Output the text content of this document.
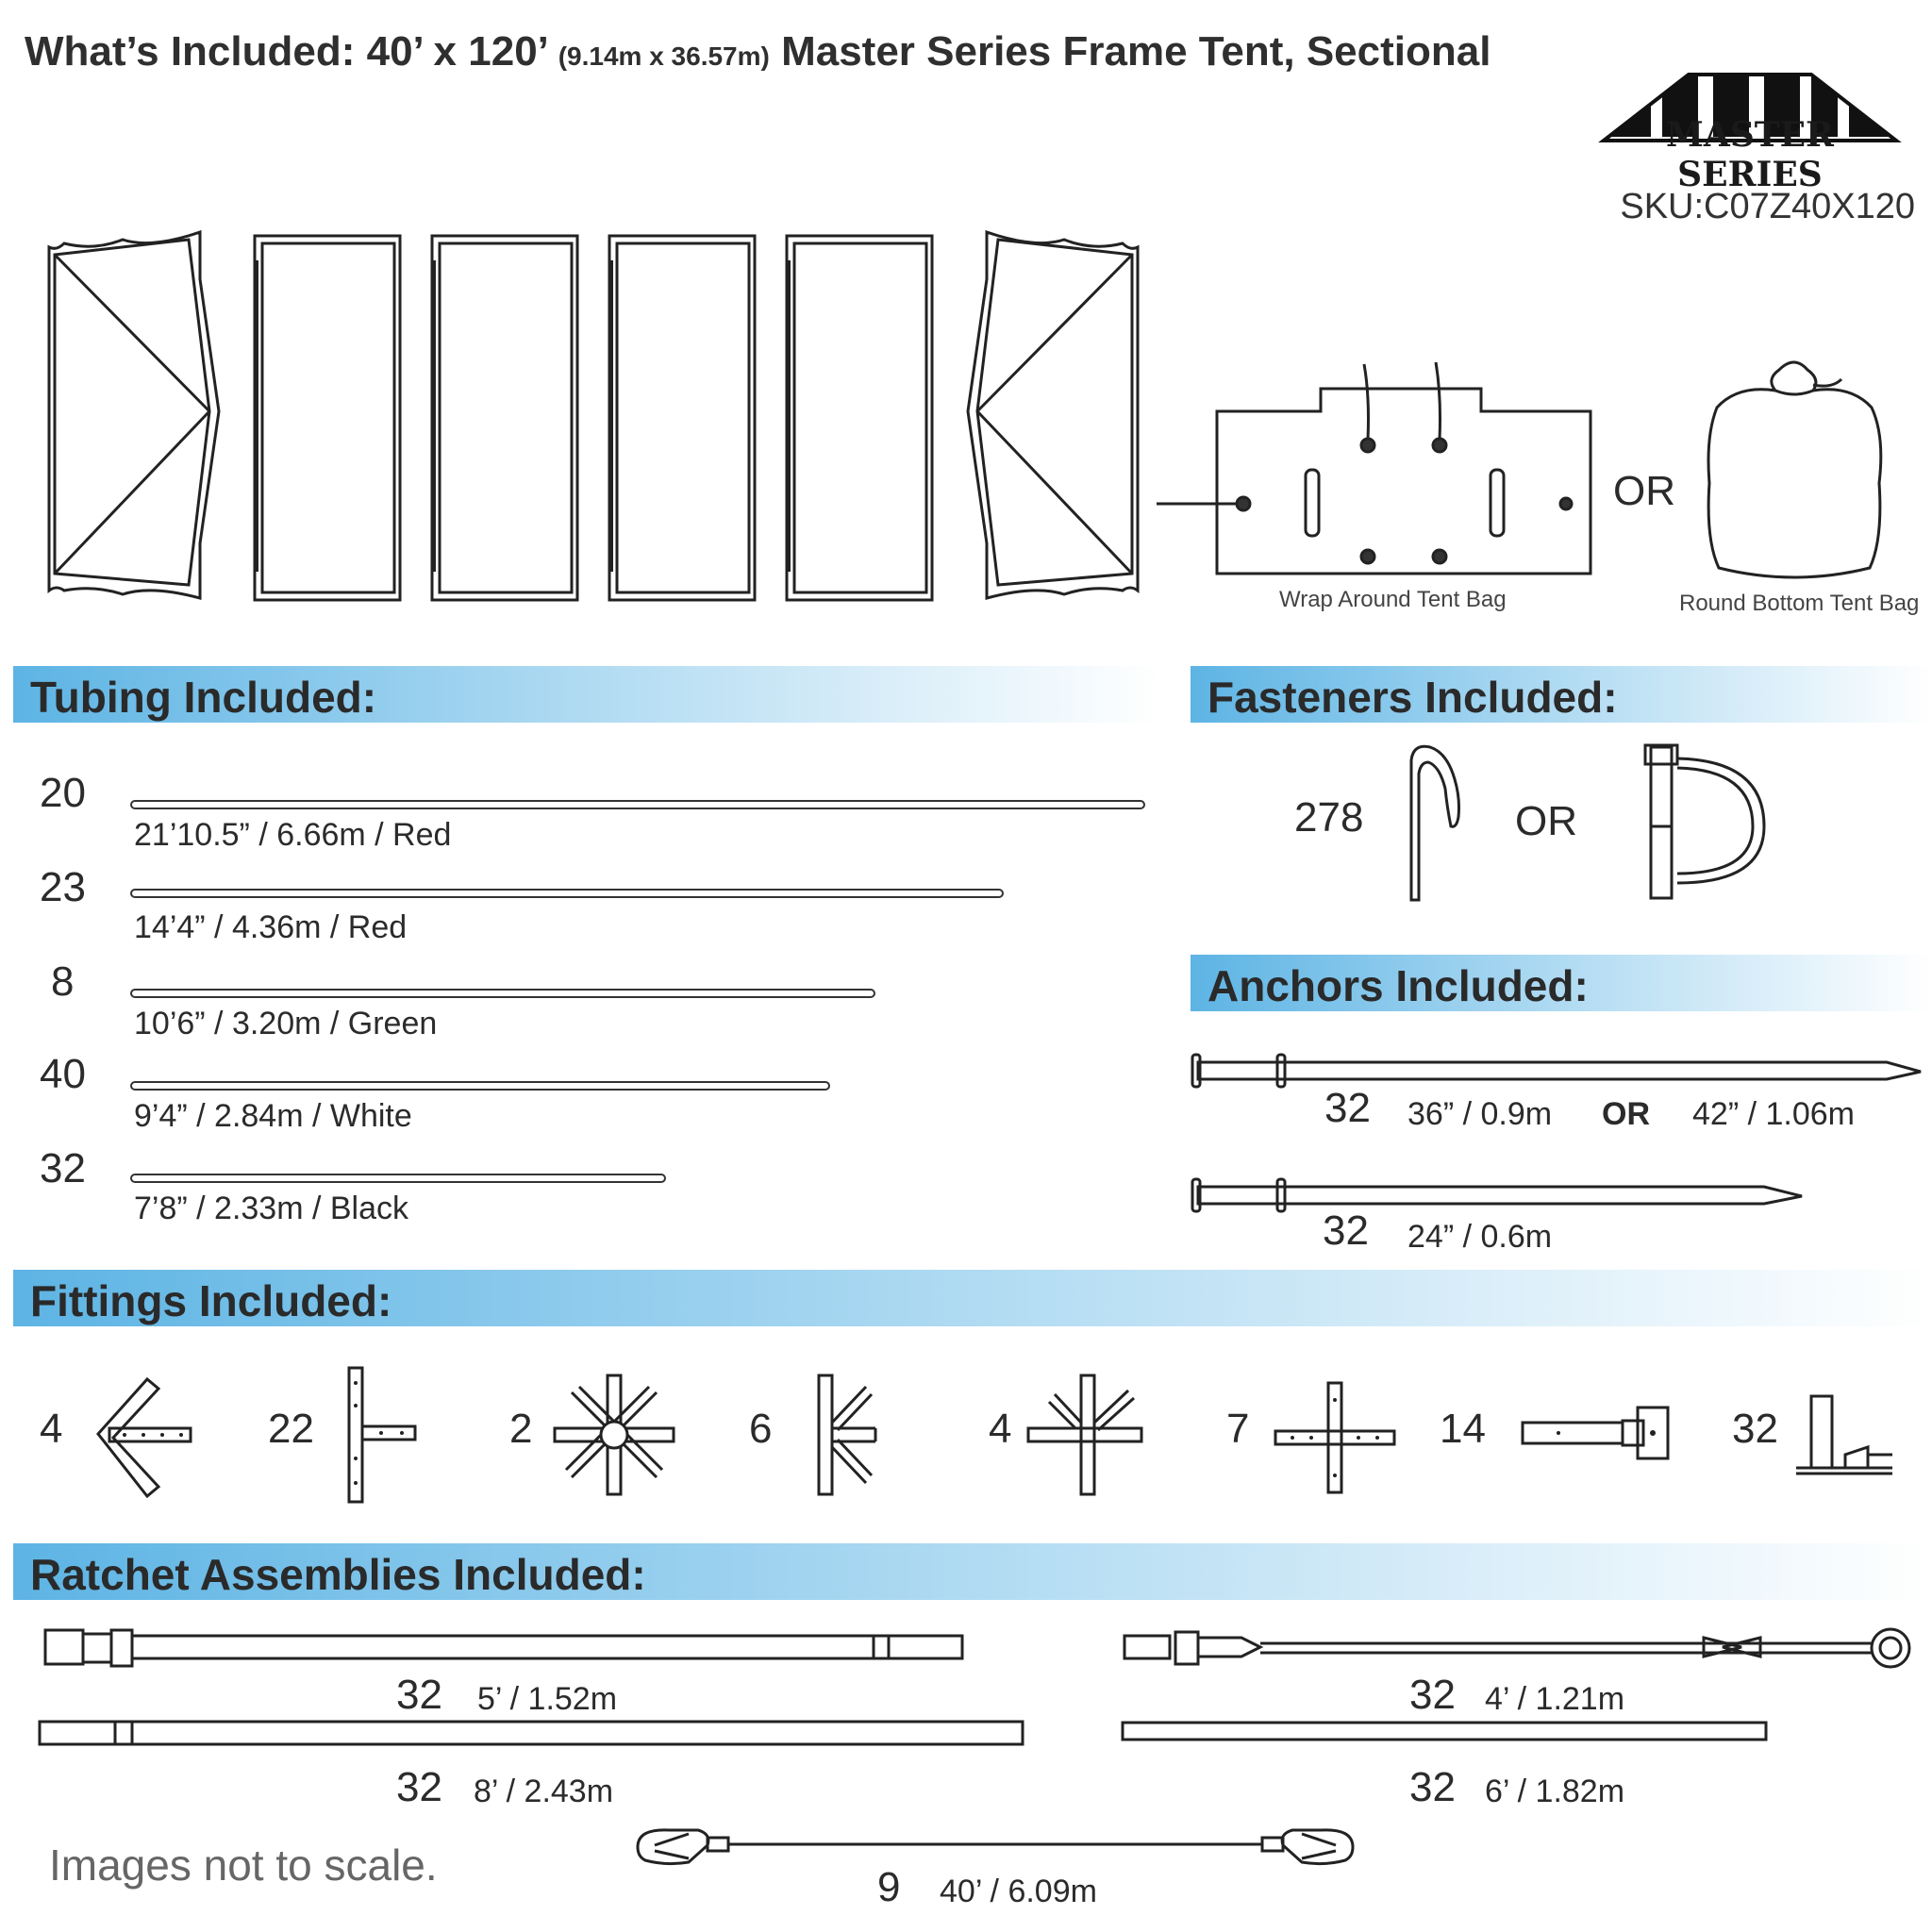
What’s Included: 40’ x 120’ (9.14m x 36.57m) Master Series Frame Tent, Sectional
MASTER SERIES
SKU:C07Z40X120
Wrap Around Tent Bag
OR
Round Bottom Tent Bag
Tubing Included:
20
21’10.5” / 6.66m / Red
23
14’4” / 4.36m / Red
8
10’6” / 3.20m / Green
40
9’4” / 2.84m / White
32
7’8” / 2.33m / Black
Fasteners Included:
278	OR
Anchors Included:
32 36” / 0.9m OR 42” / 1.06m
32 24” / 0.6m
Fittings Included:
4	22	2	6	4	7	14	32
Ratchet Assemblies Included:
32 5’ / 1.52m	32 4’ / 1.21m
32 8’ / 2.43m	32 6’ / 1.82m
9 40’ / 6.09m
Images not to scale.
